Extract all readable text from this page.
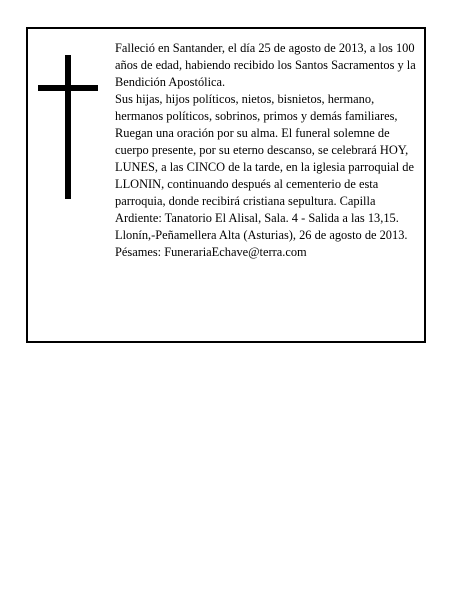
Falleció en Santander, el día 25 de agosto de 2013, a los 100 años de edad, habiendo recibido los Santos Sacramentos y la Bendición Apostólica.

Sus hijas, hijos políticos, nietos, bisnietos, hermano, hermanos políticos, sobrinos, primos y demás familiares,

Ruegan una oración por su alma. El funeral solemne de cuerpo presente, por su eterno descanso, se celebrará HOY, LUNES, a las CINCO de la tarde, en la iglesia parroquial de LLONIN, continuando después al cementerio de esta parroquia, donde recibirá cristiana sepultura. Capilla Ardiente: Tanatorio El Alisal, Sala. 4 - Salida a las 13,15.

Llonín,-Peñamellera Alta (Asturias), 26 de agosto de 2013. Pésames: FunerariaEchave@terra.com
